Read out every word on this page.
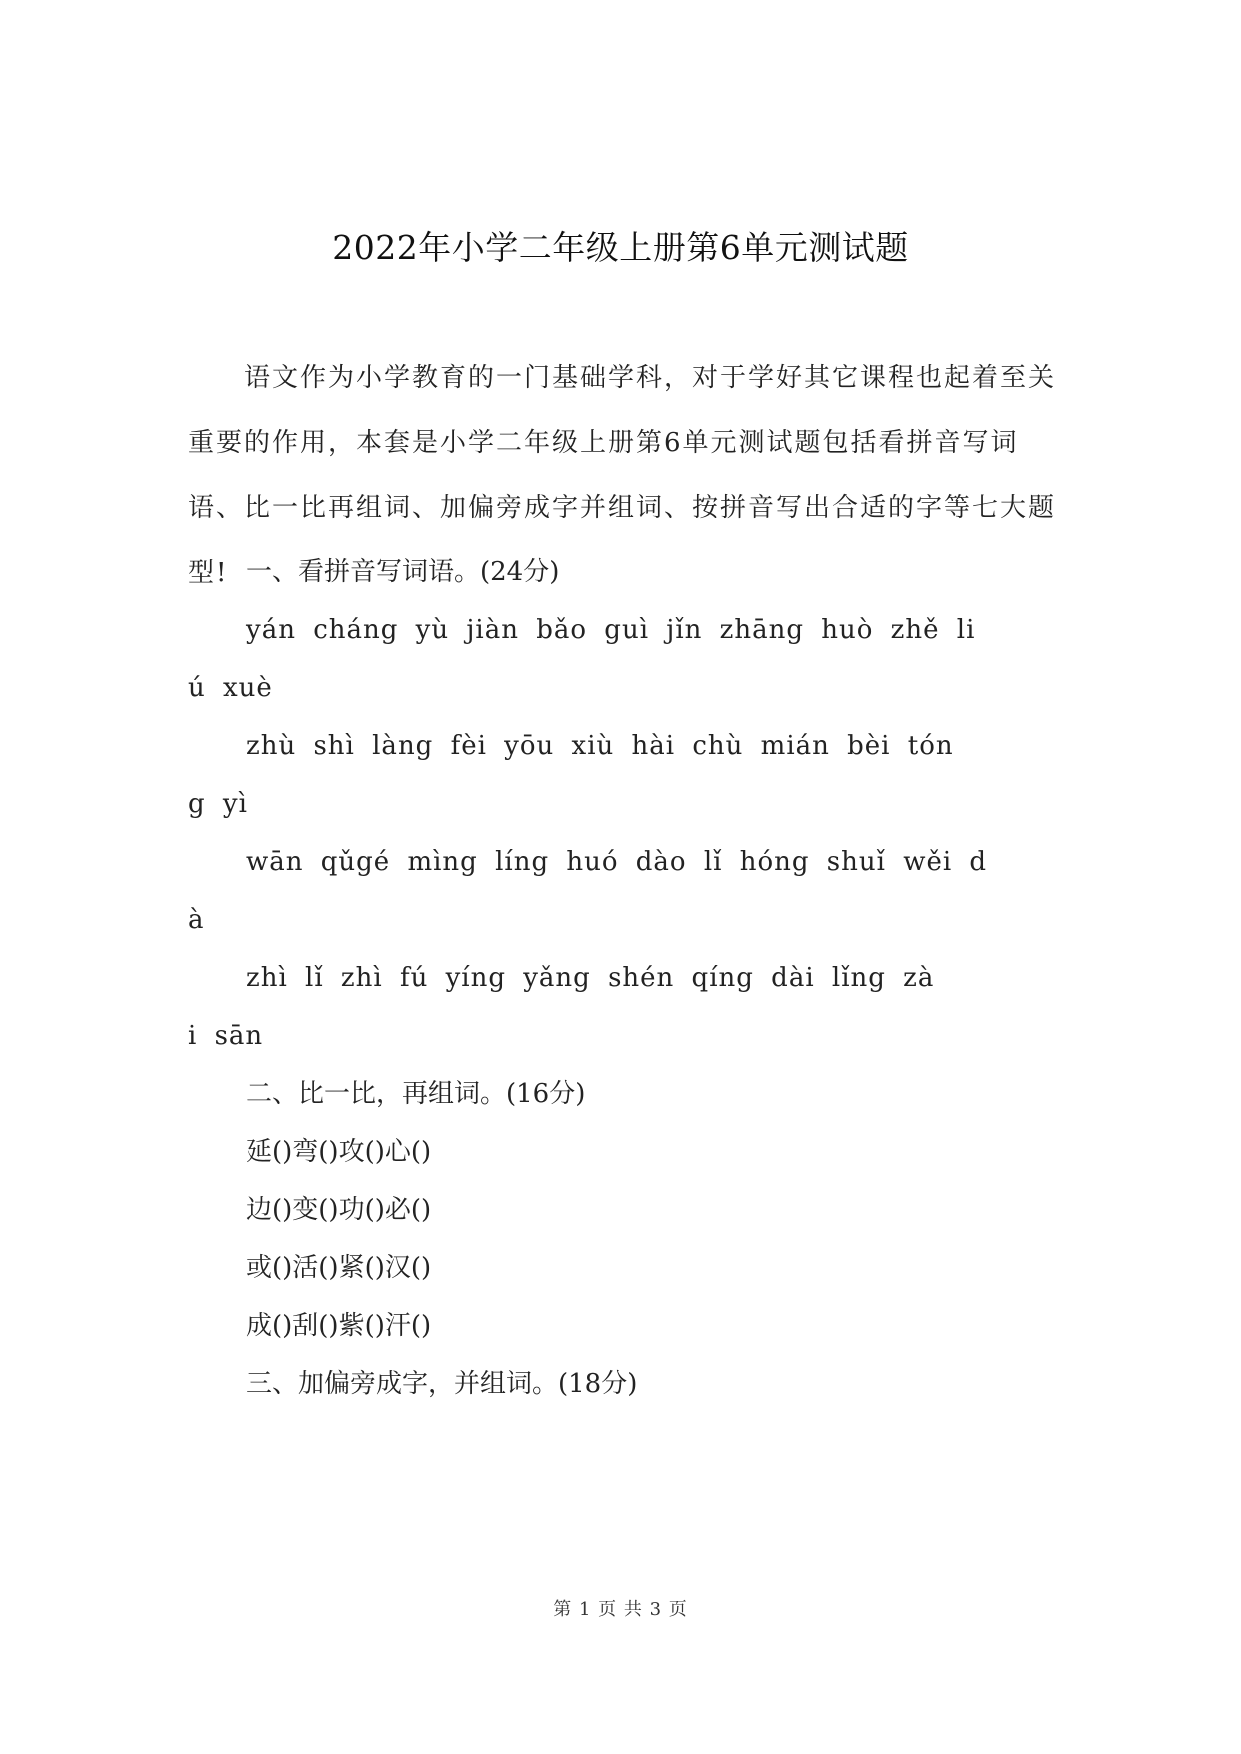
2022年小学二年级上册第6单元测试题
语文作为小学教育的一门基础学科，对于学好其它课程也起着至关重要的作用，本套是小学二年级上册第6单元测试题包括看拼音写词语、比一比再组词、加偏旁成字并组词、按拼音写出合适的字等七大题型! 一、看拼音写词语。(24分)
yán cháng yù jiàn bǎo guì jǐn zhāng huò zhě li
ú xuè
zhù shì làng fèi yōu xiù hài chù mián bèi tón
g yì
wān qǔgé mìng líng huó dào lǐ hóng shuǐ wěi d
à
zhì lǐ zhì fú yíng yǎng shén qíng dài lǐng zà
i sān
二、比一比，再组词。(16分)
延()弯()攻()心()
边()变()功()必()
或()活()紧()汉()
成()刮()紫()汗()
三、加偏旁成字，并组词。(18分)
第 1 页 共 3 页
